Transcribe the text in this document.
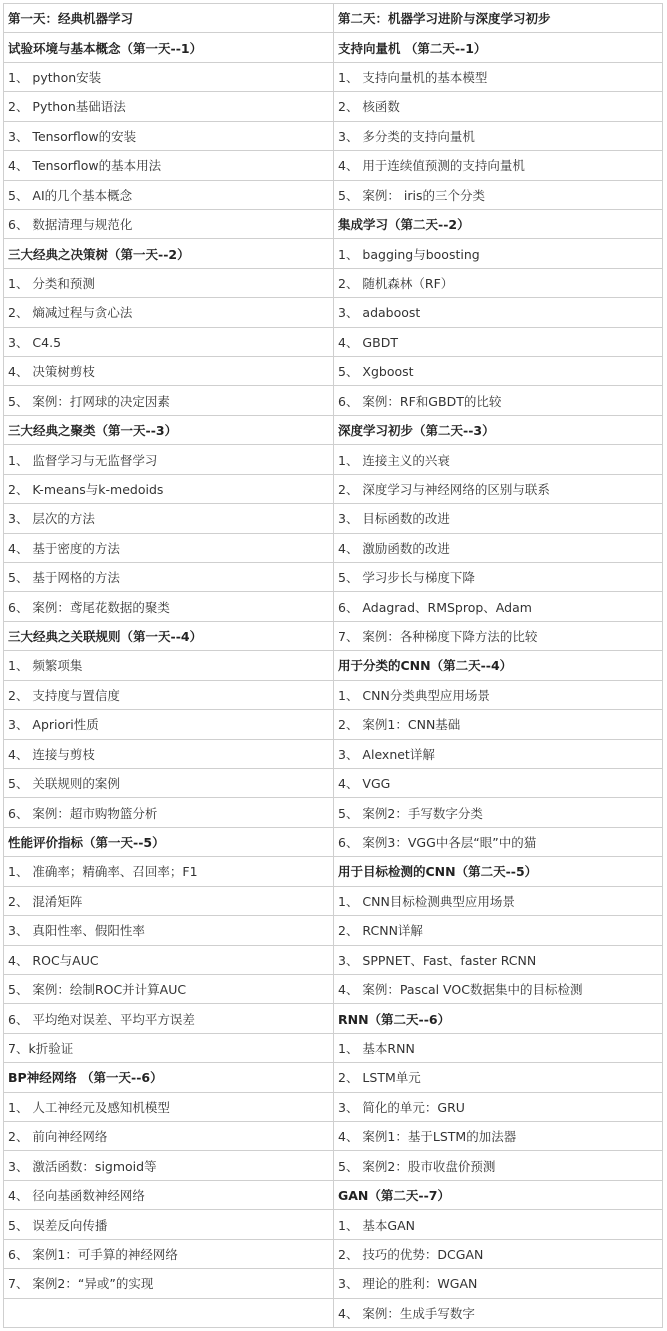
第一天：经典机器学习	第二天：机器学习进阶与深度学习初步
试验环境与基本概念（第一天--1）	支持向量机 （第二天--1）
1、 python安装	1、 支持向量机的基本模型
2、 Python基础语法	2、 核函数
3、 Tensorflow的安装	3、 多分类的支持向量机
4、 Tensorflow的基本用法	4、 用于连续值预测的支持向量机
5、 AI的几个基本概念	5、 案例： iris的三个分类
6、 数据清理与规范化	集成学习（第二天--2）
三大经典之决策树（第一天--2）	1、 bagging与boosting
1、 分类和预测	2、 随机森林（RF）
2、 熵减过程与贪心法	3、 adaboost
3、 C4.5	4、 GBDT
4、 决策树剪枝	5、 Xgboost
5、 案例：打网球的决定因素	6、 案例：RF和GBDT的比较
三大经典之聚类（第一天--3）	深度学习初步（第二天--3）
1、 监督学习与无监督学习	1、 连接主义的兴衰
2、 K-means与k-medoids	2、 深度学习与神经网络的区别与联系
3、 层次的方法	3、 目标函数的改进
4、 基于密度的方法	4、 激励函数的改进
5、 基于网格的方法	5、 学习步长与梯度下降
6、 案例：鸢尾花数据的聚类	6、 Adagrad、RMSprop、Adam
三大经典之关联规则（第一天--4）	7、 案例：各种梯度下降方法的比较
1、 频繁项集	用于分类的CNN（第二天--4）
2、 支持度与置信度	1、 CNN分类典型应用场景
3、 Apriori性质	2、 案例1：CNN基础
4、 连接与剪枝	3、 Alexnet详解
5、 关联规则的案例	4、 VGG
6、 案例：超市购物篮分析	5、 案例2：手写数字分类
性能评价指标（第一天--5）	6、 案例3：VGG中各层“眼”中的猫
1、 准确率；精确率、召回率；F1	用于目标检测的CNN（第二天--5）
2、 混淆矩阵	1、 CNN目标检测典型应用场景
3、 真阳性率、假阳性率	2、 RCNN详解
4、 ROC与AUC	3、 SPPNET、Fast、faster RCNN
5、 案例：绘制ROC并计算AUC	4、 案例：Pascal VOC数据集中的目标检测
6、 平均绝对误差、平均平方误差	RNN（第二天--6）
7、k折验证	1、 基本RNN
BP神经网络 （第一天--6）	2、 LSTM单元
1、 人工神经元及感知机模型	3、 简化的单元：GRU
2、 前向神经网络	4、 案例1：基于LSTM的加法器
3、 激活函数：sigmoid等	5、 案例2：股市收盘价预测
4、 径向基函数神经网络	GAN（第二天--7）
5、 误差反向传播	1、 基本GAN
6、 案例1：可手算的神经网络	2、 技巧的优势：DCGAN
7、 案例2：“异或”的实现	3、 理论的胜利：WGAN
	4、 案例：生成手写数字
